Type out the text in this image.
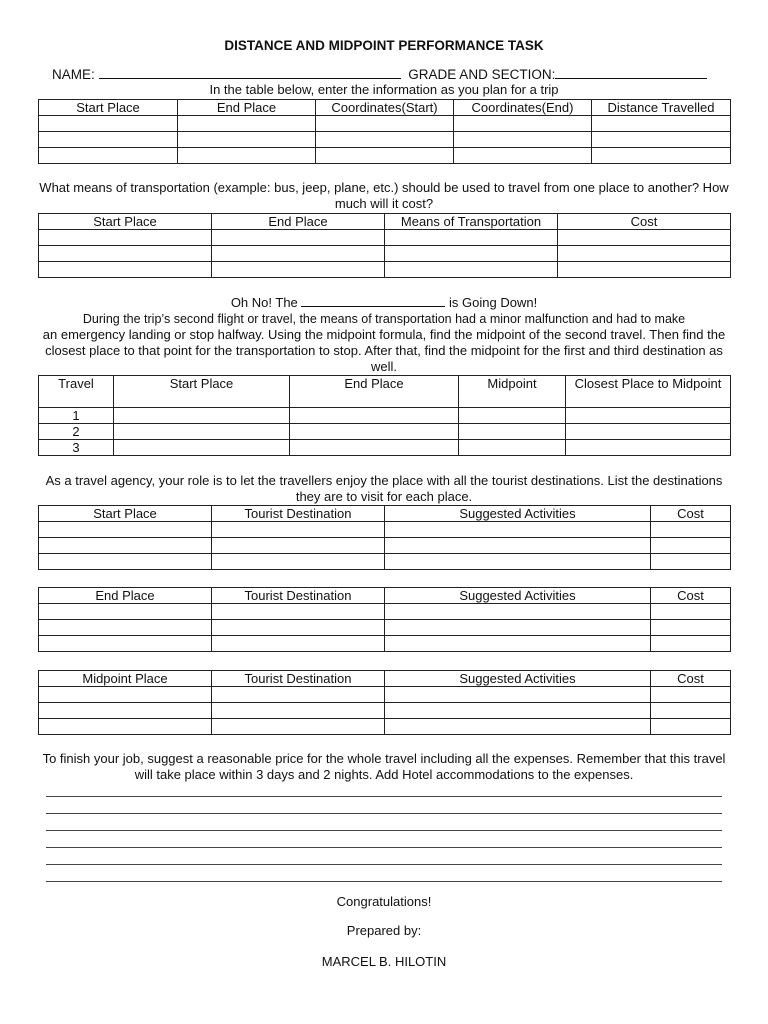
DISTANCE AND MIDPOINT PERFORMANCE TASK
NAME:	GRADE AND SECTION:
In the table below, enter the information as you plan for a trip
Start Place	End Place	Coordinates(Start)	Coordinates(End)	Distance Travelled

What means of transportation (example: bus, jeep, plane, etc.) should be used to travel from one place to another? How much will it cost?
Start Place	End Place	Means of Transportation	Cost

Oh No! The	is Going Down!
During the trip’s second flight or travel, the means of transportation had a minor malfunction and had to make
an emergency landing or stop halfway. Using the midpoint formula, find the midpoint of the second travel. Then find the closest place to that point for the transportation to stop. After that, find the midpoint for the first and third destination as well.
Travel	Start Place	End Place	Midpoint	Closest Place to Midpoint
1				
2				
3				
As a travel agency, your role is to let the travellers enjoy the place with all the tourist destinations. List the destinations they are to visit for each place.
Start Place	Tourist Destination	Suggested Activities	Cost

End Place	Tourist Destination	Suggested Activities	Cost

Midpoint Place	Tourist Destination	Suggested Activities	Cost

To finish your job, suggest a reasonable price for the whole travel including all the expenses. Remember that this travel will take place within 3 days and 2 nights. Add Hotel accommodations to the expenses.
Congratulations!
Prepared by:
MARCEL B. HILOTIN
